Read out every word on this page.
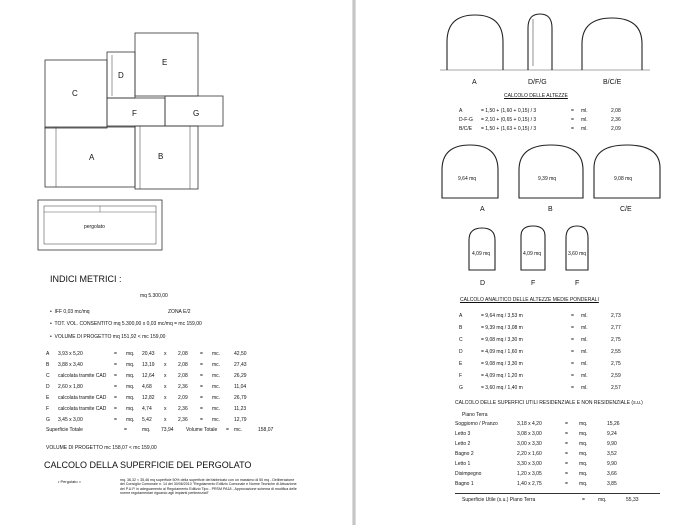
C
D
E
F	G
A	B
pergolato
INDICI METRICI :
mq 5.300,00
•  IFF 0,03 mc/mq	ZONA E/2
•  TOT. VOL. CONSENTITO mq 5.300,00 x 0,03 mc/mq = mc 159,00
•  VOLUME DI PROGETTO mq 151,92 < mc 159,00
A	3,93 x 5,20	=	mq.	20,43	x	2,08	=	mc.	42,50
B	3,88 x 3,40	=	mq.	13,19	x	2,08	=	mc.	27,43
C	calcolata tramite CAD	=	mq.	12,64	x	2,08	=	mc.	26,29
D	2,60 x 1,80	=	mq.	4,68	x	2,36	=	mc.	11,04
E	calcolata tramite CAD	=	mq.	12,82	x	2,09	=	mc.	26,79
F	calcolata tramite CAD	=	mq.	4,74	x	2,36	=	mc.	11,23
G	3,45 x 3,00	=	mq.	5,42	x	2,36	=	mc.	12,79
Superficie Totale	=	mq. 73,94 Volume Totale = mc.	158,07
VOLUME DI PROGETTO mc 158,07 < mc 159,00
CALCOLO DELLA SUPERFICIE DEL PERGOLATO
• Pergolato =	mq. 36,32 < 35,46 mq superficie 50% della superficie del fabbricato con un massimo di 50 mq - Deliberazione del Consiglio Comunale n. 14 del 30/06/2010 "Regolamento Edilizio Comunale e Norme Tecniche di Attuazione del P.U.P. in adeguamento al Regolamento Edilizio Tipo - PRSM PA18 - Approvazione schema di modifica delle norme regolamentari riguardo agli impianti pertinenziali"
A	D/F/G	B/C/E
CALCOLO DELLE ALTEZZE
A	= 1,50 + (1,60 + 0,15) / 3	=	ml.	2,08
D-F-G	= 2,10 + (0,65 + 0,15) / 3	=	ml.	2,36
B/C/E	= 1,50 + (1,63 + 0,15) / 3	=	ml.	2,09
9,64 mq	9,39 mq	9,08 mq
A	B	C/E
4,09 mq	4,09 mq	3,60 mq
D	F	F
CALCOLO ANALITICO DELLE ALTEZZE MEDIE PONDERALI
A	= 9,64 mq / 3,53 m	=	ml.	2,73
B	= 9,39 mq / 3,08 m	=	ml.	2,77
C	= 9,08 mq / 3,30 m	=	ml.	2,75
D	= 4,09 mq / 1,60 m	=	ml.	2,55
E	= 9,08 mq / 3,30 m	=	ml.	2,75
F	= 4,09 mq / 1,20 m	=	ml.	2,59
G	= 3,60 mq / 1,40 m	=	ml.	2,57
CALCOLO DELLE SUPERFICI UTILI RESIDENZIALE E NON RESIDENZIALE (s.u.)
Piano Terra
Soggiorno / Pranzo	3,18 x 4,20	=	mq.	15,26
Letto 3	3,08 x 3,00	=	mq.	9,24
Letto 2	3,00 x 3,30	=	mq.	9,90
Bagno 2	2,20 x 1,60	=	mq.	3,52
Letto 1	3,30 x 3,00	=	mq.	9,90
Disimpegno	1,20 x 3,05	=	mq.	3,66
Bagno 1	1,40 x 2,75	=	mq.	3,85
Superficie Utile (s.u.) Piano Terra	=	mq.	55,33
